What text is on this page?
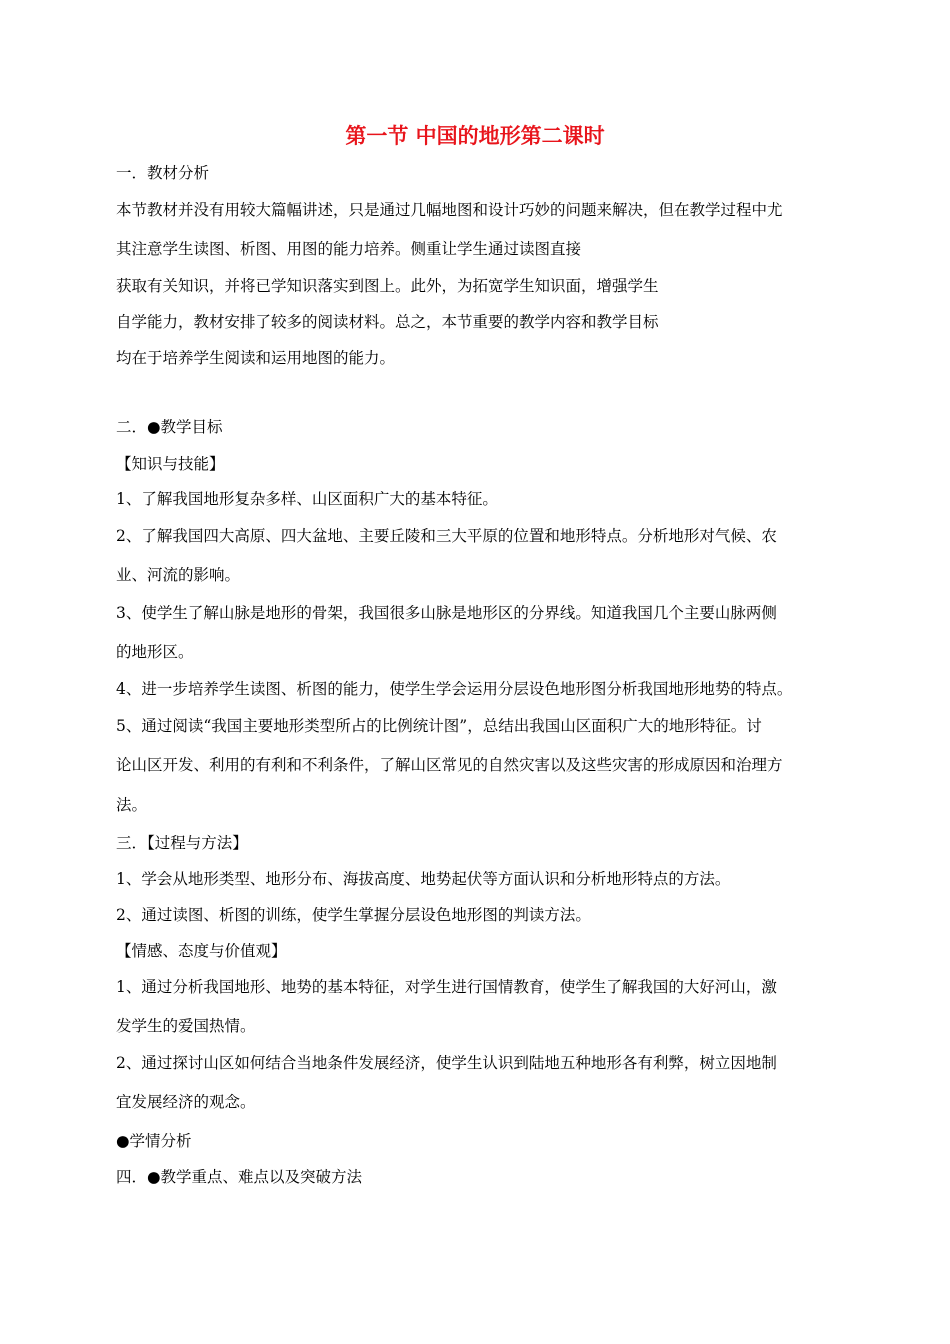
第一节 中国的地形第二课时
一．教材分析
本节教材并没有用较大篇幅讲述，只是通过几幅地图和设计巧妙的问题来解决，但在教学过程中尤
其注意学生读图、析图、用图的能力培养。侧重让学生通过读图直接
获取有关知识，并将已学知识落实到图上。此外，为拓宽学生知识面，增强学生
自学能力，教材安排了较多的阅读材料。总之，本节重要的教学内容和教学目标
均在于培养学生阅读和运用地图的能力。
二．●教学目标
【知识与技能】
1、了解我国地形复杂多样、山区面积广大的基本特征。
2、了解我国四大高原、四大盆地、主要丘陵和三大平原的位置和地形特点。分析地形对气候、农
业、河流的影响。
3、使学生了解山脉是地形的骨架，我国很多山脉是地形区的分界线。知道我国几个主要山脉两侧
的地形区。
4、进一步培养学生读图、析图的能力，使学生学会运用分层设色地形图分析我国地形地势的特点。
5、通过阅读“我国主要地形类型所占的比例统计图”，总结出我国山区面积广大的地形特征。讨
论山区开发、利用的有利和不利条件，了解山区常见的自然灾害以及这些灾害的形成原因和治理方
法。
三．【过程与方法】
1、学会从地形类型、地形分布、海拔高度、地势起伏等方面认识和分析地形特点的方法。
2、通过读图、析图的训练，使学生掌握分层设色地形图的判读方法。
【情感、态度与价值观】
1、通过分析我国地形、地势的基本特征，对学生进行国情教育，使学生了解我国的大好河山，激
发学生的爱国热情。
2、通过探讨山区如何结合当地条件发展经济，使学生认识到陆地五种地形各有利弊，树立因地制
宜发展经济的观念。
●学情分析
四．●教学重点、难点以及突破方法
